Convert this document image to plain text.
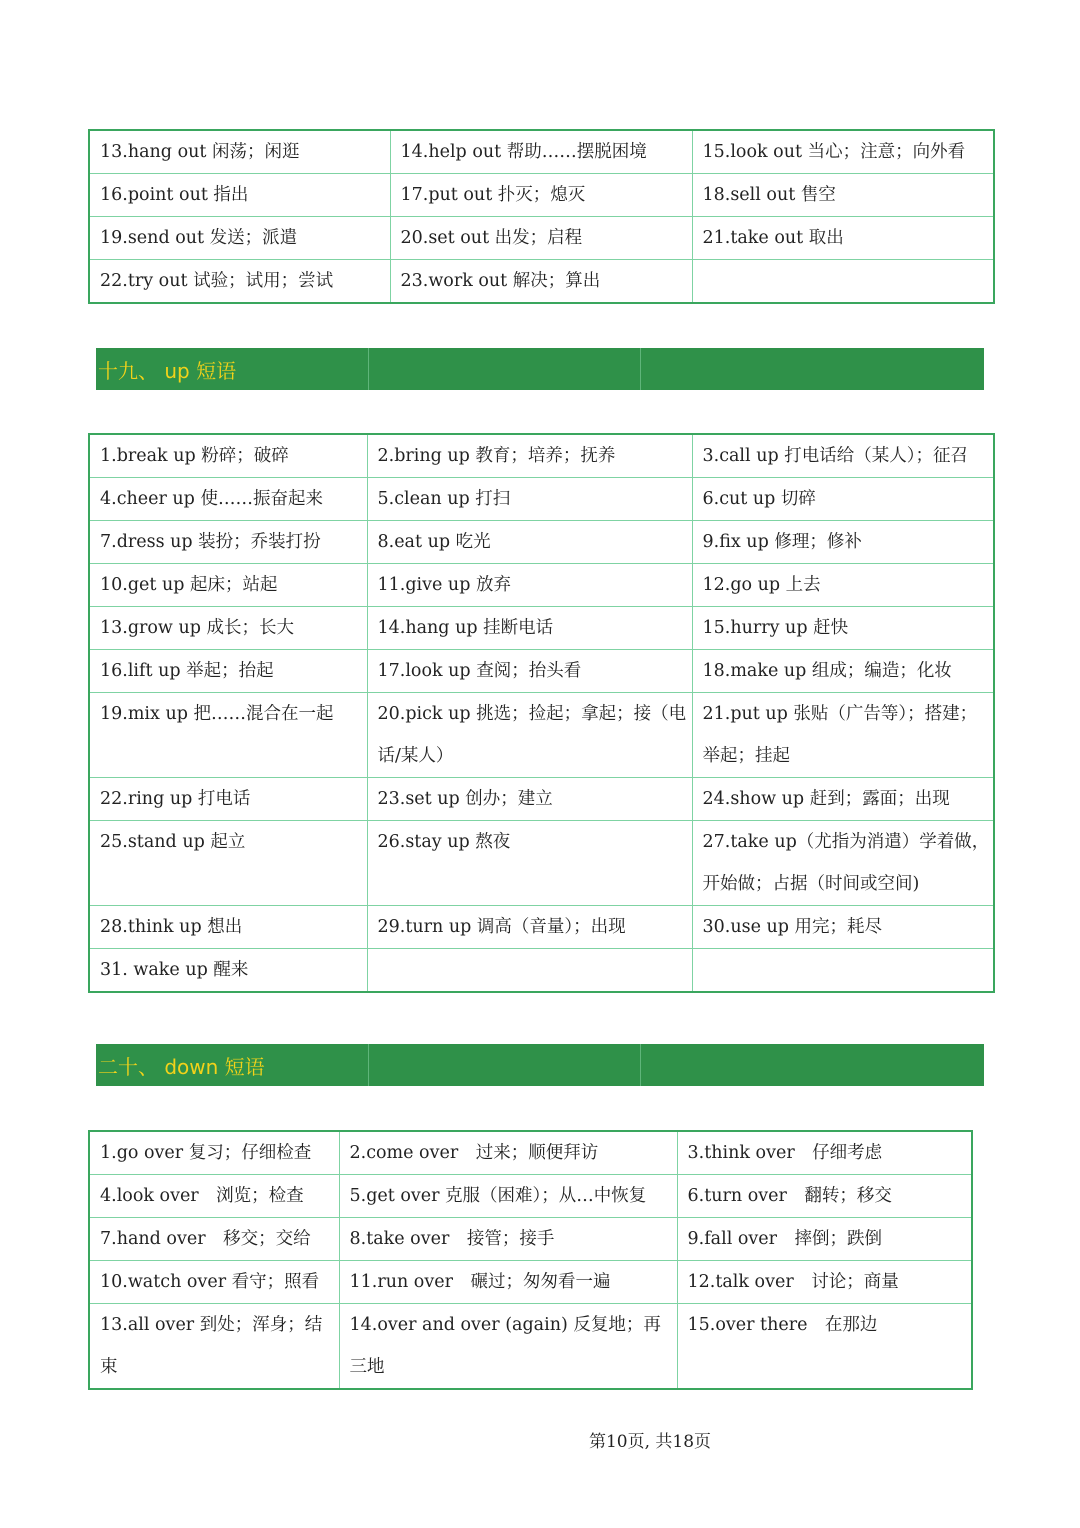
13.hang out 闲荡；闲逛	14.help out 帮助……摆脱困境	15.look out 当心；注意；向外看
16.point out 指出	17.put out 扑灭；熄灭	18.sell out 售空
19.send out 发送；派遣	20.set out 出发；启程	21.take out 取出
22.try out 试验；试用；尝试	23.work out 解决；算出	
十九、 up 短语
1.break up 粉碎；破碎	2.bring up 教育；培养；抚养	3.call up 打电话给（某人）；征召
4.cheer up 使……振奋起来	5.clean up 打扫	6.cut up 切碎
7.dress up 装扮；乔装打扮	8.eat up 吃光	9.fix up 修理；修补
10.get up 起床；站起	11.give up 放弃	12.go up 上去
13.grow up 成长；长大	14.hang up 挂断电话	15.hurry up 赶快
16.lift up 举起；抬起	17.look up 查阅；抬头看	18.make up 组成；编造；化妆
19.mix up 把……混合在一起	20.pick up 挑选；捡起；拿起；接（电话/某人）	21.put up 张贴（广告等）；搭建；举起；挂起
22.ring up 打电话	23.set up 创办；建立	24.show up 赶到；露面；出现
25.stand up 起立	26.stay up 熬夜	27.take up（尤指为消遣）学着做，开始做；占据（时间或空间)
28.think up 想出	29.turn up 调高（音量）；出现	30.use up 用完；耗尽
31. wake up 醒来		
二十、 down 短语
1.go over 复习；仔细检查	2.come over　过来；顺便拜访	3.think over　仔细考虑
4.look over　浏览；检查	5.get over 克服（困难）；从…中恢复	6.turn over　翻转；移交
7.hand over　移交；交给	8.take over　接管；接手	9.fall over　摔倒；跌倒
10.watch over 看守；照看	11.run over　碾过；匆匆看一遍	12.talk over　讨论；商量
13.all over 到处；浑身；结束	14.over and over (again) 反复地；再三地	15.over there　在那边
第10页, 共18页
